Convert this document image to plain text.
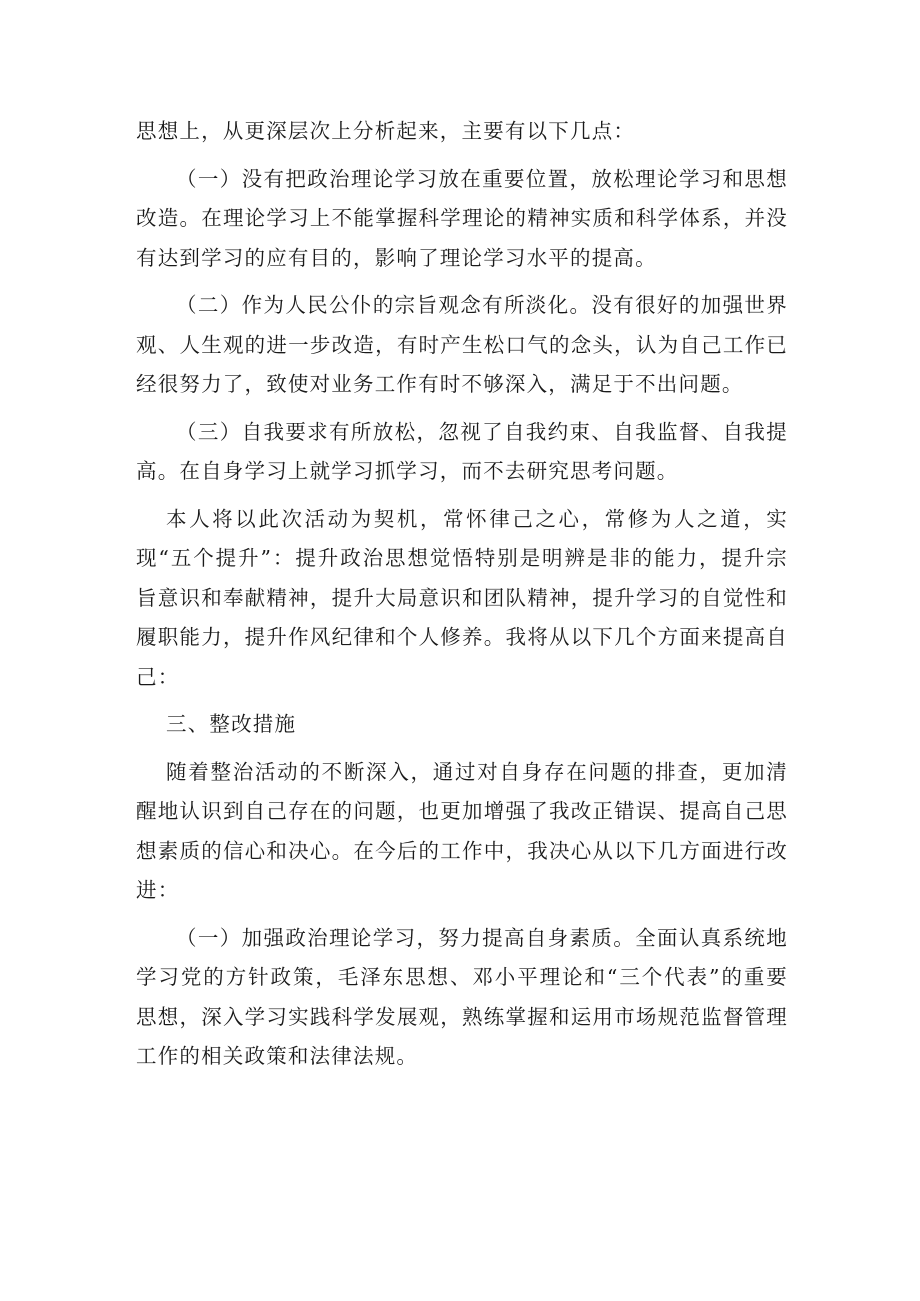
思想上，从更深层次上分析起来，主要有以下几点：

（一）没有把政治理论学习放在重要位置，放松理论学习和思想改造。在理论学习上不能掌握科学理论的精神实质和科学体系，并没有达到学习的应有目的，影响了理论学习水平的提高。

（二）作为人民公仆的宗旨观念有所淡化。没有很好的加强世界观、人生观的进一步改造，有时产生松口气的念头，认为自己工作已经很努力了，致使对业务工作有时不够深入，满足于不出问题。

（三）自我要求有所放松，忽视了自我约束、自我监督、自我提高。在自身学习上就学习抓学习，而不去研究思考问题。

本人将以此次活动为契机，常怀律己之心，常修为人之道，实现“五个提升”：提升政治思想觉悟特别是明辨是非的能力，提升宗旨意识和奉献精神，提升大局意识和团队精神，提升学习的自觉性和履职能力，提升作风纪律和个人修养。我将从以下几个方面来提高自己：

三、整改措施

随着整治活动的不断深入，通过对自身存在问题的排查，更加清醒地认识到自己存在的问题，也更加增强了我改正错误、提高自己思想素质的信心和决心。在今后的工作中，我决心从以下几方面进行改进：

（一）加强政治理论学习，努力提高自身素质。全面认真系统地学习党的方针政策，毛泽东思想、邓小平理论和“三个代表”的重要思想，深入学习实践科学发展观，熟练掌握和运用市场规范监督管理工作的相关政策和法律法规。
